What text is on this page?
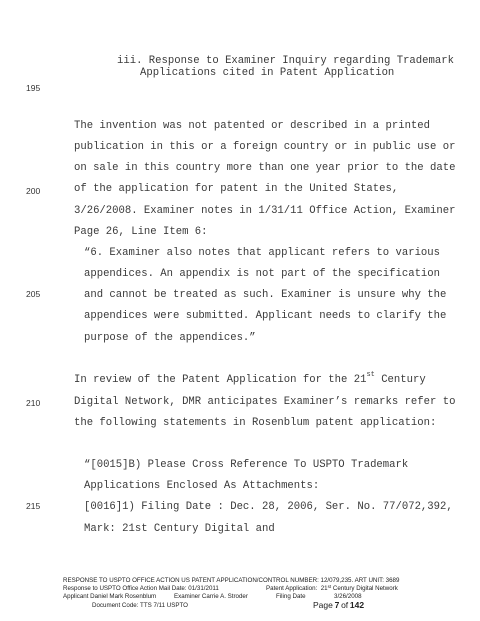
iii. Response to Examiner Inquiry regarding Trademark
Applications cited in Patent Application
195
200
205
210
215
The invention was not patented or described in a printed
publication in this or a foreign country or in public use or
on sale in this country more than one year prior to the date
of the application for patent in the United States,
3/26/2008. Examiner notes in 1/31/11 Office Action, Examiner
Page 26, Line Item 6:
“6. Examiner also notes that applicant refers to various
appendices. An appendix is not part of the specification
and cannot be treated as such. Examiner is unsure why the
appendices were submitted. Applicant needs to clarify the
purpose of the appendices.”
In review of the Patent Application for the 21st Century
Digital Network, DMR anticipates Examiner’s remarks refer to
the following statements in Rosenblum patent application:
“[0015]B) Please Cross Reference To USPTO Trademark
Applications Enclosed As Attachments:
[0016]1) Filing Date : Dec. 28, 2006, Ser. No. 77/072,392,
Mark: 21st Century Digital and
RESPONSE TO USPTO OFFICE ACTION US PATENT APPLICATION/CONTROL NUMBER: 12/079,235. ART UNIT: 3689
Response to USPTO Office Action Mail Date: 01/31/2011	Patent Application: 21st Century Digital Network
Applicant Daniel Mark Rosenblum	Examiner Carrie A. Stroder	Filing Date	3/26/2008
Document Code: TTS 7/11 USPTO	Page 7 of 142
